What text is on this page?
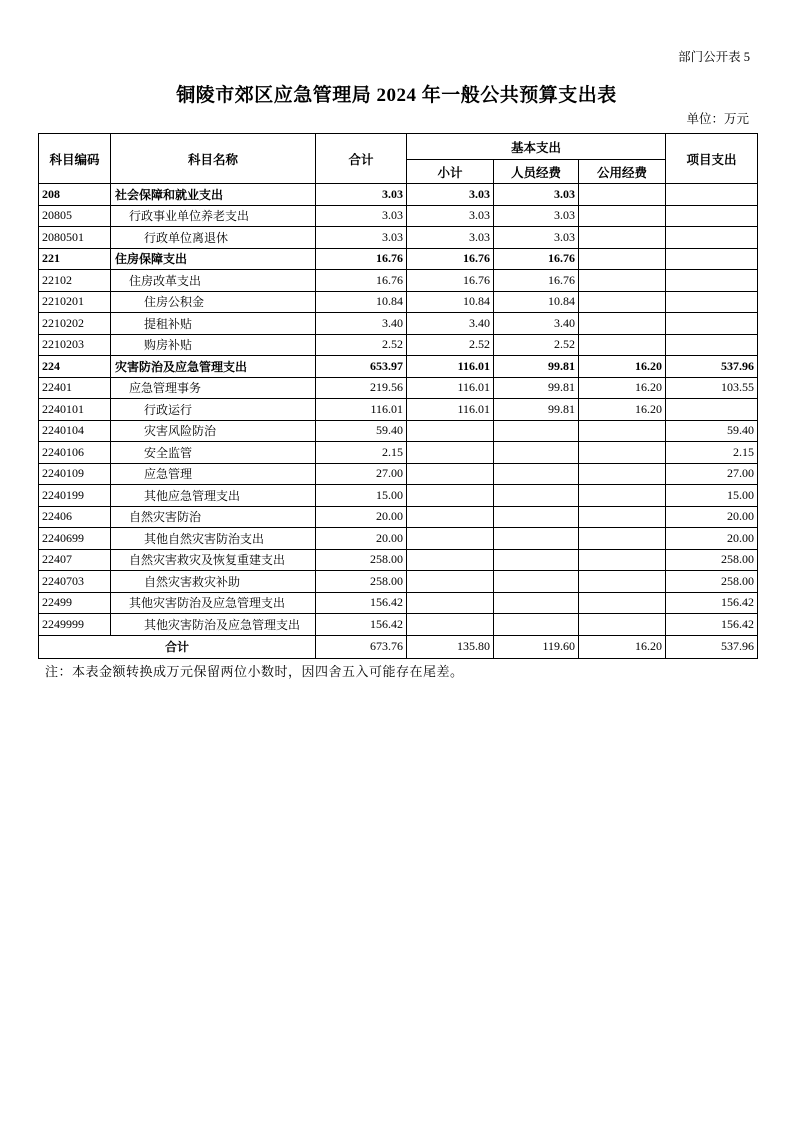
部门公开表 5
铜陵市郊区应急管理局 2024 年一般公共预算支出表
单位：万元
科目编码	科目名称	合计	基本支出			项目支出
			小计	人员经费	公用经费	
208	社会保障和就业支出	3.03	3.03	3.03		
20805	行政事业单位养老支出	3.03	3.03	3.03		
2080501	行政单位离退休	3.03	3.03	3.03		
221	住房保障支出	16.76	16.76	16.76		
22102	住房改革支出	16.76	16.76	16.76		
2210201	住房公积金	10.84	10.84	10.84		
2210202	提租补贴	3.40	3.40	3.40		
2210203	购房补贴	2.52	2.52	2.52		
224	灾害防治及应急管理支出	653.97	116.01	99.81	16.20	537.96
22401	应急管理事务	219.56	116.01	99.81	16.20	103.55
2240101	行政运行	116.01	116.01	99.81	16.20	
2240104	灾害风险防治	59.40				59.40
2240106	安全监管	2.15				2.15
2240109	应急管理	27.00				27.00
2240199	其他应急管理支出	15.00				15.00
22406	自然灾害防治	20.00				20.00
2240699	其他自然灾害防治支出	20.00				20.00
22407	自然灾害救灾及恢复重建支出	258.00				258.00
2240703	自然灾害救灾补助	258.00				258.00
22499	其他灾害防治及应急管理支出	156.42				156.42
2249999	其他灾害防治及应急管理支出	156.42				156.42
合计		673.76	135.80	119.60	16.20	537.96
注：本表金额转换成万元保留两位小数时，因四舍五入可能存在尾差。
